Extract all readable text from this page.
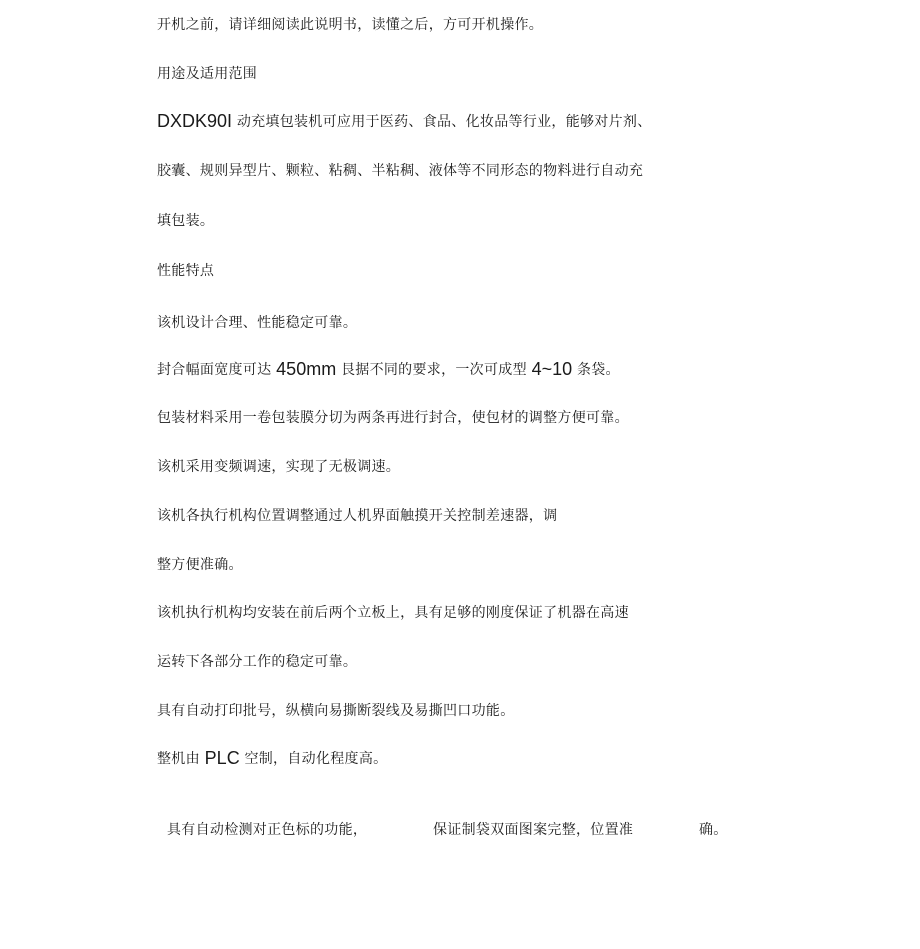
开机之前，请详细阅读此说明书，读懂之后，方可开机操作。
用途及适用范围
DXDK90I 动充填包装机可应用于医药、食品、化妆品等行业，能够对片剂、
胶囊、规则异型片、颗粒、粘稠、半粘稠、液体等不同形态的物料进行自动充
填包装。
性能特点
该机设计合理、性能稳定可靠。
封合幅面宽度可达 450mm 艮据不同的要求，一次可成型 4~10 条袋。
包装材料采用一卷包装膜分切为两条再进行封合，使包材的调整方便可靠。
该机采用变频调速，实现了无极调速。
该机各执行机构位置调整通过人机界面触摸开关控制差速器，调
整方便准确。
该机执行机构均安装在前后两个立板上，具有足够的刚度保证了机器在高速
运转下各部分工作的稳定可靠。
具有自动打印批号，纵横向易撕断裂线及易撕凹口功能。
整机由 PLC 空制，自动化程度高。
具有自动检测对正色标的功能，	保证制袋双面图案完整，位置准	确。
